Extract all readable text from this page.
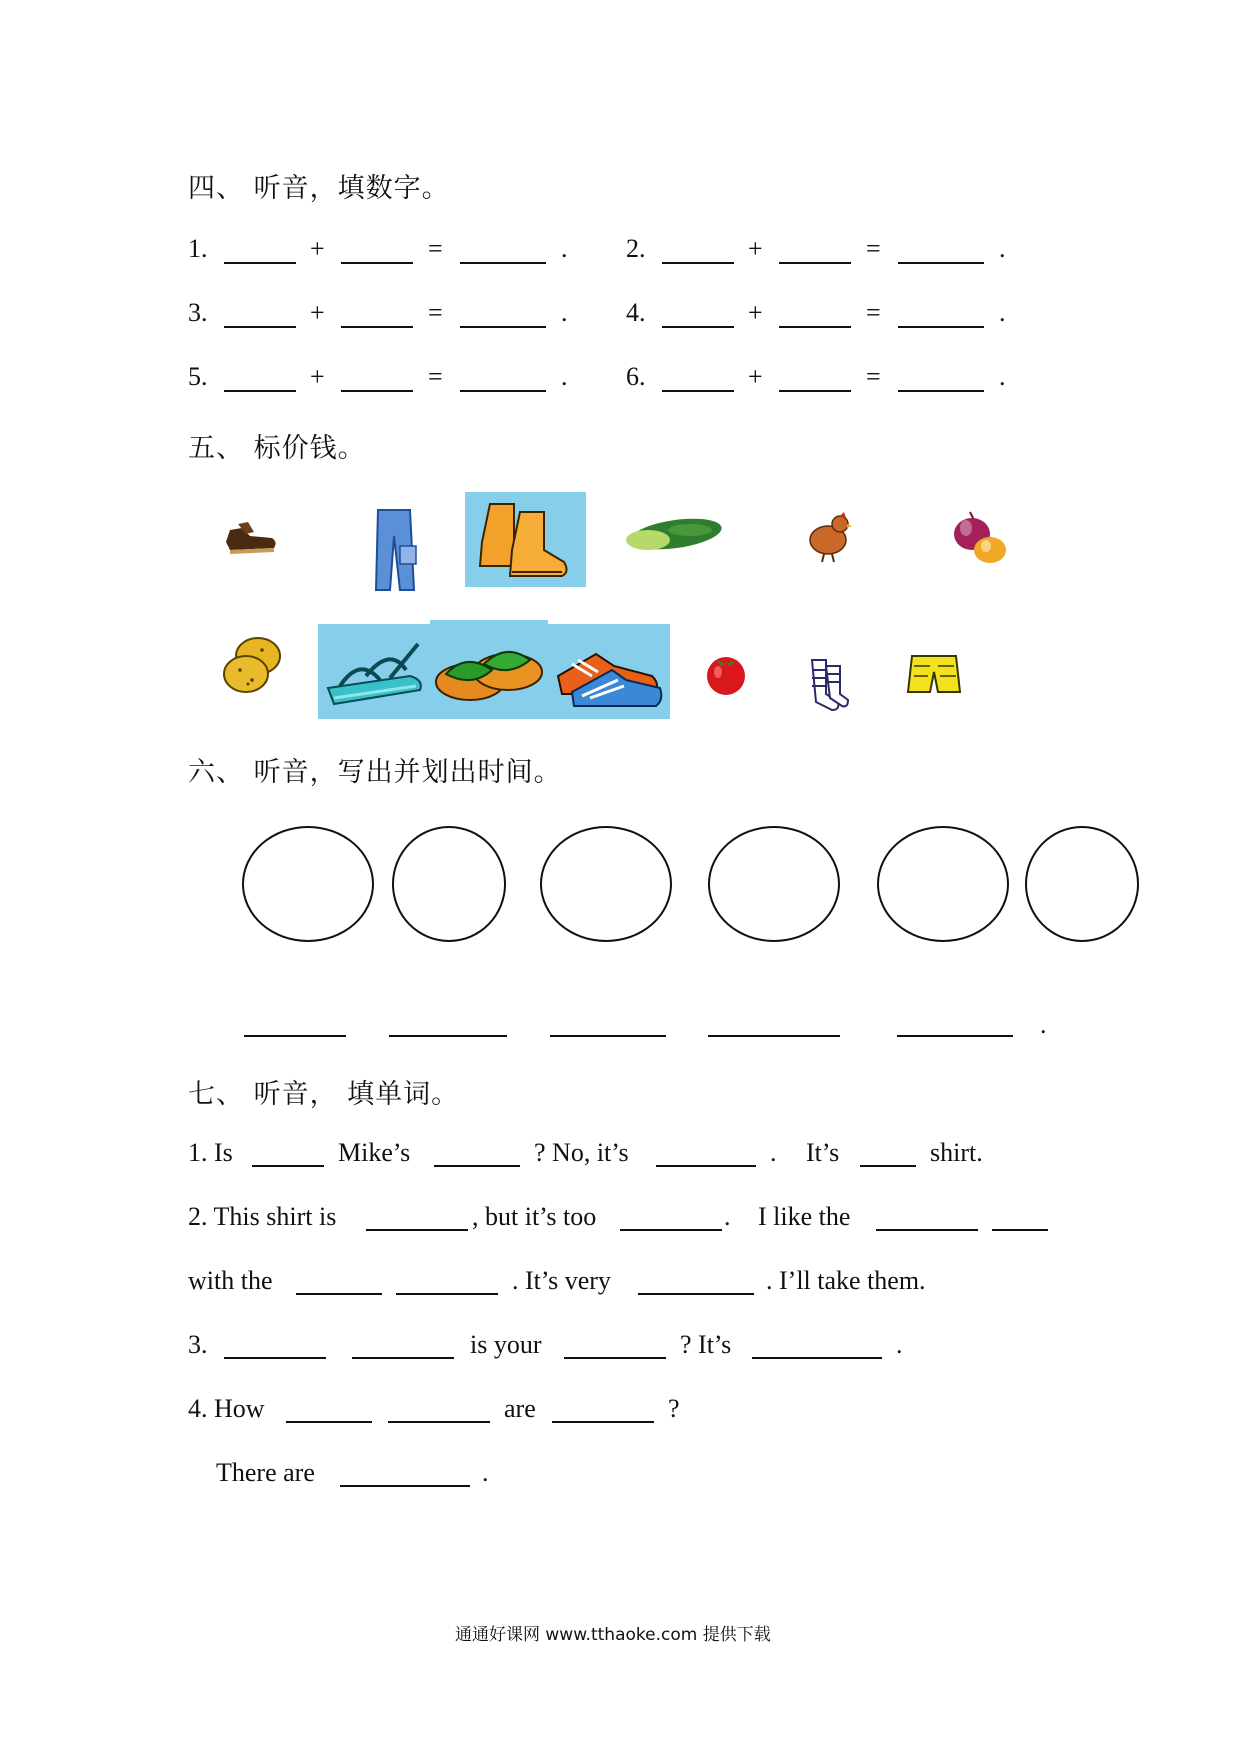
四、 听音，填数字。
1.	+	=	. 2.	+	=	.
3.	+	=	. 4.	+	=	.
5.	+	=	. 6.	+	=	.
五、 标价钱。
六、 听音，写出并划出时间。
.
七、 听音， 填单词。
1. Is	Mike’s	? No, it’s	. It’s	shirt.
2. This shirt is	, but it’s too	. I like the
with the	. It’s very	. I’ll take them.
3.	is your	? It’s	.
4. How	are	?
There are	.
通通好课网 www.tthaoke.com 提供下载
